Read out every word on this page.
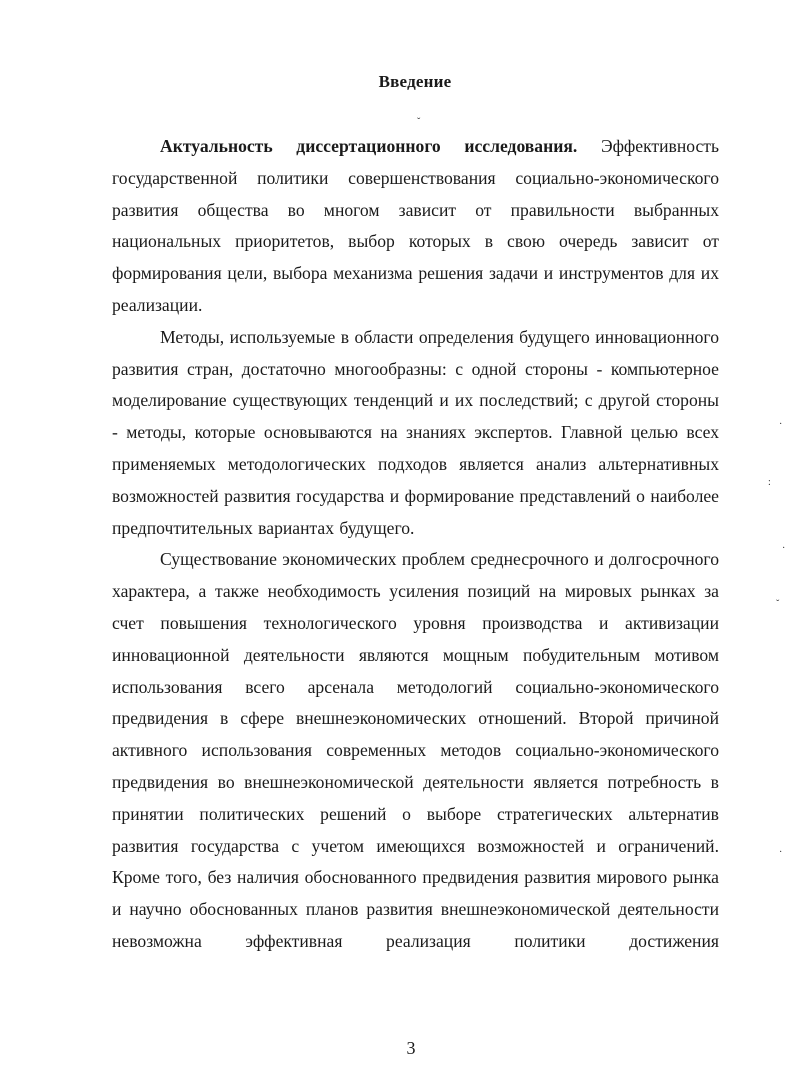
Введение

Актуальность диссертационного исследования. Эффективность государственной политики совершенствования социально-экономического развития общества во многом зависит от правильности выбранных национальных приоритетов, выбор которых в свою очередь зависит от формирования цели, выбора механизма решения задачи и инструментов для их реализации.

Методы, используемые в области определения будущего инновационного развития стран, достаточно многообразны: с одной стороны - компьютерное моделирование существующих тенденций и их последствий; с другой стороны - методы, которые основываются на знаниях экспертов. Главной целью всех применяемых методологических подходов является анализ альтернативных возможностей развития государства и формирование представлений о наиболее предпочтительных вариантах будущего.

Существование экономических проблем среднесрочного и долгосрочного характера, а также необходимость усиления позиций на мировых рынках за счет повышения технологического уровня производства и активизации инновационной деятельности являются мощным побудительным мотивом использования всего арсенала методологий социально-экономического предвидения в сфере внешнеэкономических отношений. Второй причиной активного использования современных методов социально-экономического предвидения во внешнеэкономической деятельности является потребность в принятии политических решений о выборе стратегических альтернатив развития государства с учетом имеющихся возможностей и ограничений. Кроме того, без наличия обоснованного предвидения развития мирового рынка и научно обоснованных планов развития внешнеэкономической деятельности невозможна эффективная реализация политики достижения

3
ˇ
·
:
·
ˇ
·
